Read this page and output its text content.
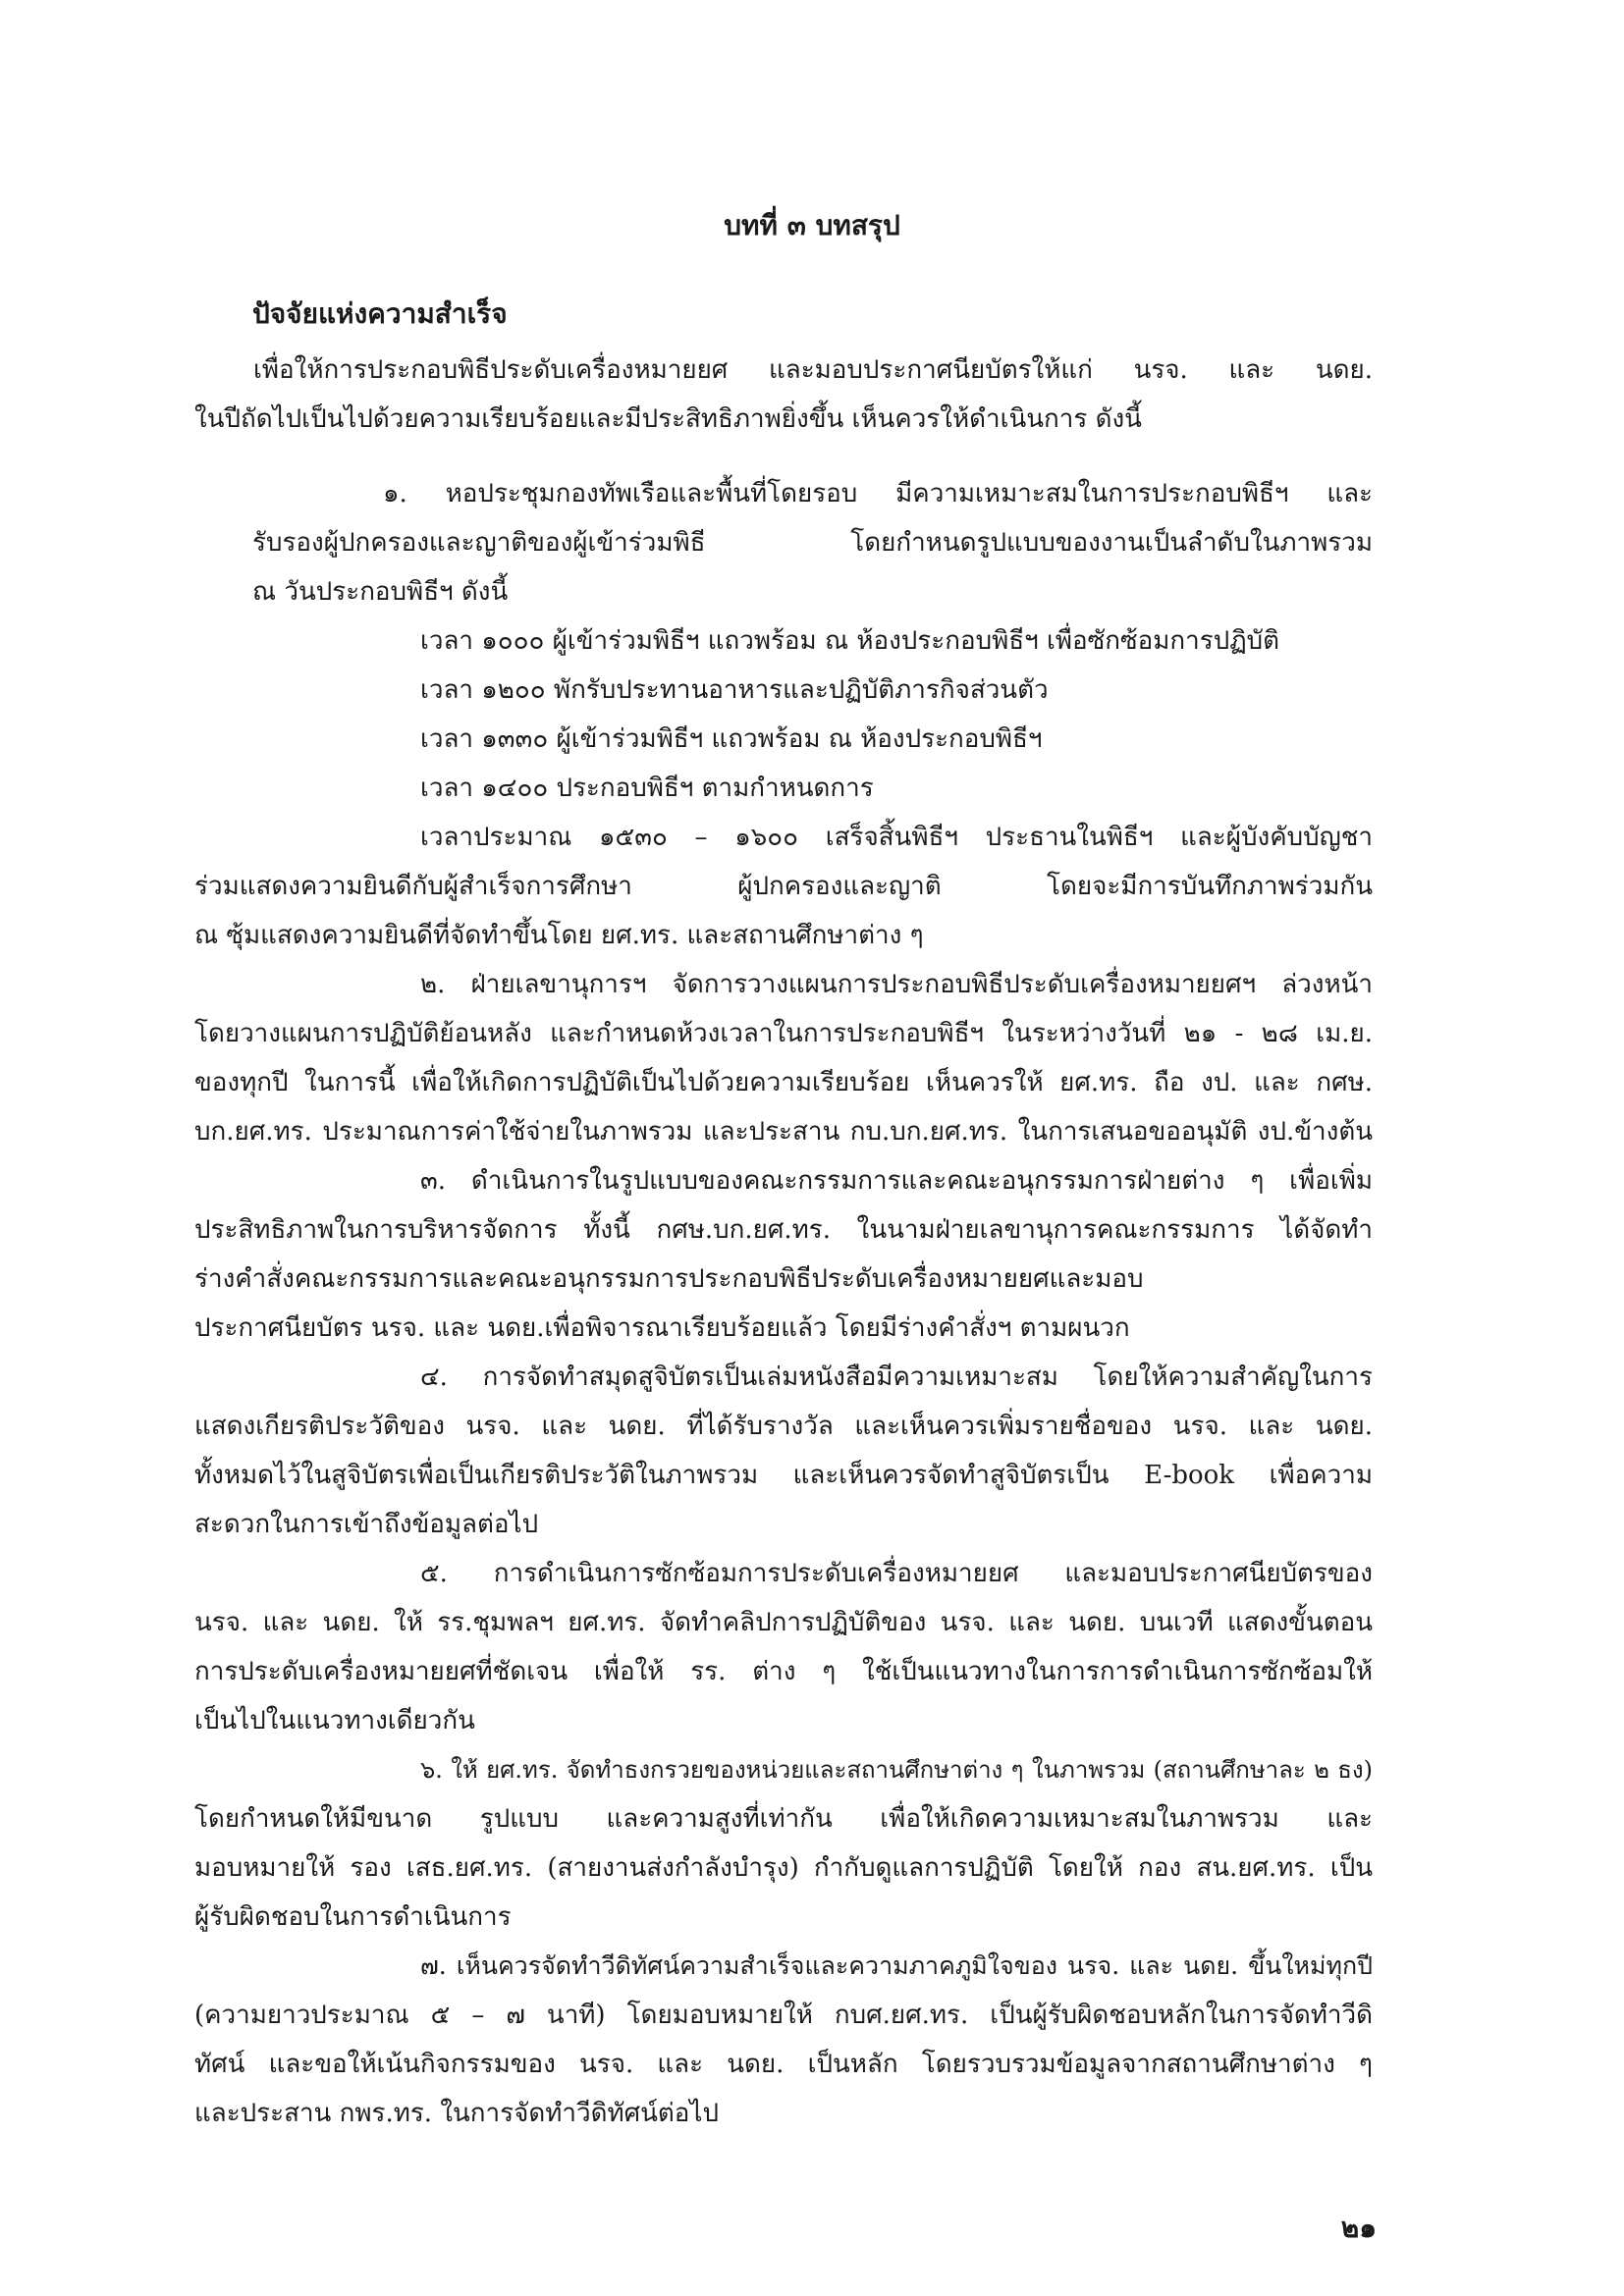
บทที่ ๓ บทสรุป
ปัจจัยแห่งความสำเร็จ
เพื่อให้การประกอบพิธีประดับเครื่องหมายยศ และมอบประกาศนียบัตรให้แก่ นรจ. และ นดย.
ในปีถัดไปเป็นไปด้วยความเรียบร้อยและมีประสิทธิภาพยิ่งขึ้น เห็นควรให้ดำเนินการ ดังนี้
๑. หอประชุมกองทัพเรือและพื้นที่โดยรอบ มีความเหมาะสมในการประกอบพิธีฯ และ
รับรองผู้ปกครองและญาติของผู้เข้าร่วมพิธี โดยกำหนดรูปแบบของงานเป็นลำดับในภาพรวม
ณ วันประกอบพิธีฯ ดังนี้
เวลา ๑๐๐๐ ผู้เข้าร่วมพิธีฯ แถวพร้อม ณ ห้องประกอบพิธีฯ เพื่อซักซ้อมการปฏิบัติ
เวลา ๑๒๐๐ พักรับประทานอาหารและปฏิบัติภารกิจส่วนตัว
เวลา ๑๓๓๐ ผู้เข้าร่วมพิธีฯ แถวพร้อม ณ ห้องประกอบพิธีฯ
เวลา ๑๔๐๐ ประกอบพิธีฯ ตามกำหนดการ
เวลาประมาณ ๑๕๓๐ – ๑๖๐๐ เสร็จสิ้นพิธีฯ ประธานในพิธีฯ และผู้บังคับบัญชา
ร่วมแสดงความยินดีกับผู้สำเร็จการศึกษา ผู้ปกครองและญาติ โดยจะมีการบันทึกภาพร่วมกัน
ณ ซุ้มแสดงความยินดีที่จัดทำขึ้นโดย ยศ.ทร. และสถานศึกษาต่าง ๆ
๒. ฝ่ายเลขานุการฯ จัดการวางแผนการประกอบพิธีประดับเครื่องหมายยศฯ ล่วงหน้า
โดยวางแผนการปฏิบัติย้อนหลัง และกำหนดห้วงเวลาในการประกอบพิธีฯ ในระหว่างวันที่ ๒๑ - ๒๘ เม.ย.
ของทุกปี ในการนี้ เพื่อให้เกิดการปฏิบัติเป็นไปด้วยความเรียบร้อย เห็นควรให้ ยศ.ทร. ถือ งป. และ กศษ.
บก.ยศ.ทร. ประมาณการค่าใช้จ่ายในภาพรวม และประสาน กบ.บก.ยศ.ทร. ในการเสนอขออนุมัติ งป.ข้างต้น
๓. ดำเนินการในรูปแบบของคณะกรรมการและคณะอนุกรรมการฝ่ายต่าง ๆ เพื่อเพิ่ม
ประสิทธิภาพในการบริหารจัดการ ทั้งนี้ กศษ.บก.ยศ.ทร. ในนามฝ่ายเลขานุการคณะกรรมการ ได้จัดทำ
ร่างคำสั่งคณะกรรมการและคณะอนุกรรมการประกอบพิธีประดับเครื่องหมายยศและมอบ
ประกาศนียบัตร นรจ. และ นดย.เพื่อพิจารณาเรียบร้อยแล้ว โดยมีร่างคำสั่งฯ ตามผนวก
๔. การจัดทำสมุดสูจิบัตรเป็นเล่มหนังสือมีความเหมาะสม โดยให้ความสำคัญในการ
แสดงเกียรติประวัติของ นรจ. และ นดย. ที่ได้รับรางวัล และเห็นควรเพิ่มรายชื่อของ นรจ. และ นดย.
ทั้งหมดไว้ในสูจิบัตรเพื่อเป็นเกียรติประวัติในภาพรวม และเห็นควรจัดทำสูจิบัตรเป็น E-book เพื่อความ
สะดวกในการเข้าถึงข้อมูลต่อไป
๕. การดำเนินการซักซ้อมการประดับเครื่องหมายยศ และมอบประกาศนียบัตรของ
นรจ. และ นดย. ให้ รร.ชุมพลฯ ยศ.ทร. จัดทำคลิปการปฏิบัติของ นรจ. และ นดย. บนเวที แสดงขั้นตอน
การประดับเครื่องหมายยศที่ชัดเจน เพื่อให้ รร. ต่าง ๆ ใช้เป็นแนวทางในการการดำเนินการซักซ้อมให้
เป็นไปในแนวทางเดียวกัน
๖. ให้ ยศ.ทร. จัดทำธงกรวยของหน่วยและสถานศึกษาต่าง ๆ ในภาพรวม (สถานศึกษาละ ๒ ธง)
โดยกำหนดให้มีขนาด รูปแบบ และความสูงที่เท่ากัน เพื่อให้เกิดความเหมาะสมในภาพรวม และ
มอบหมายให้ รอง เสธ.ยศ.ทร. (สายงานส่งกำลังบำรุง) กำกับดูแลการปฏิบัติ โดยให้ กอง สน.ยศ.ทร. เป็น
ผู้รับผิดชอบในการดำเนินการ
๗. เห็นควรจัดทำวีดิทัศน์ความสำเร็จและความภาคภูมิใจของ นรจ. และ นดย. ขึ้นใหม่ทุกปี
(ความยาวประมาณ ๕ – ๗ นาที) โดยมอบหมายให้ กบศ.ยศ.ทร. เป็นผู้รับผิดชอบหลักในการจัดทำวีดิ
ทัศน์ และขอให้เน้นกิจกรรมของ นรจ. และ นดย. เป็นหลัก โดยรวบรวมข้อมูลจากสถานศึกษาต่าง ๆ
และประสาน กพร.ทร. ในการจัดทำวีดิทัศน์ต่อไป
๒๑
